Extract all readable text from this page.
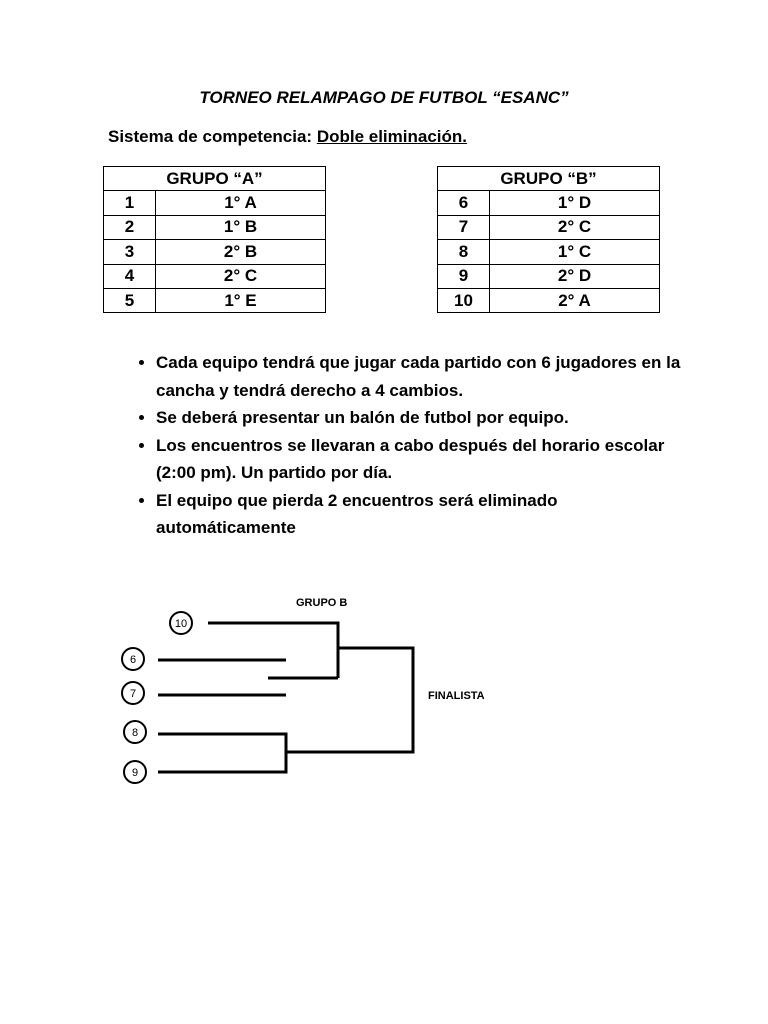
TORNEO RELAMPAGO DE FUTBOL “ESANC”
Sistema de competencia: Doble eliminación.
GRUPO “A”	
1	1° A
2	1° B
3	2° B
4	2° C
5	1° E
GRUPO “B”	
6	1° D
7	2° C
8	1° C
9	2° D
10	2° A
• Cada equipo tendrá que jugar cada partido con 6 jugadores en la cancha y tendrá derecho a 4 cambios.
• Se deberá presentar un balón de futbol por equipo.
• Los encuentros se llevaran a cabo después del horario escolar (2:00 pm). Un partido por día.
• El equipo que pierda 2 encuentros será eliminado automáticamente
GRUPO B
FINALISTA
10
6
7
8
9
